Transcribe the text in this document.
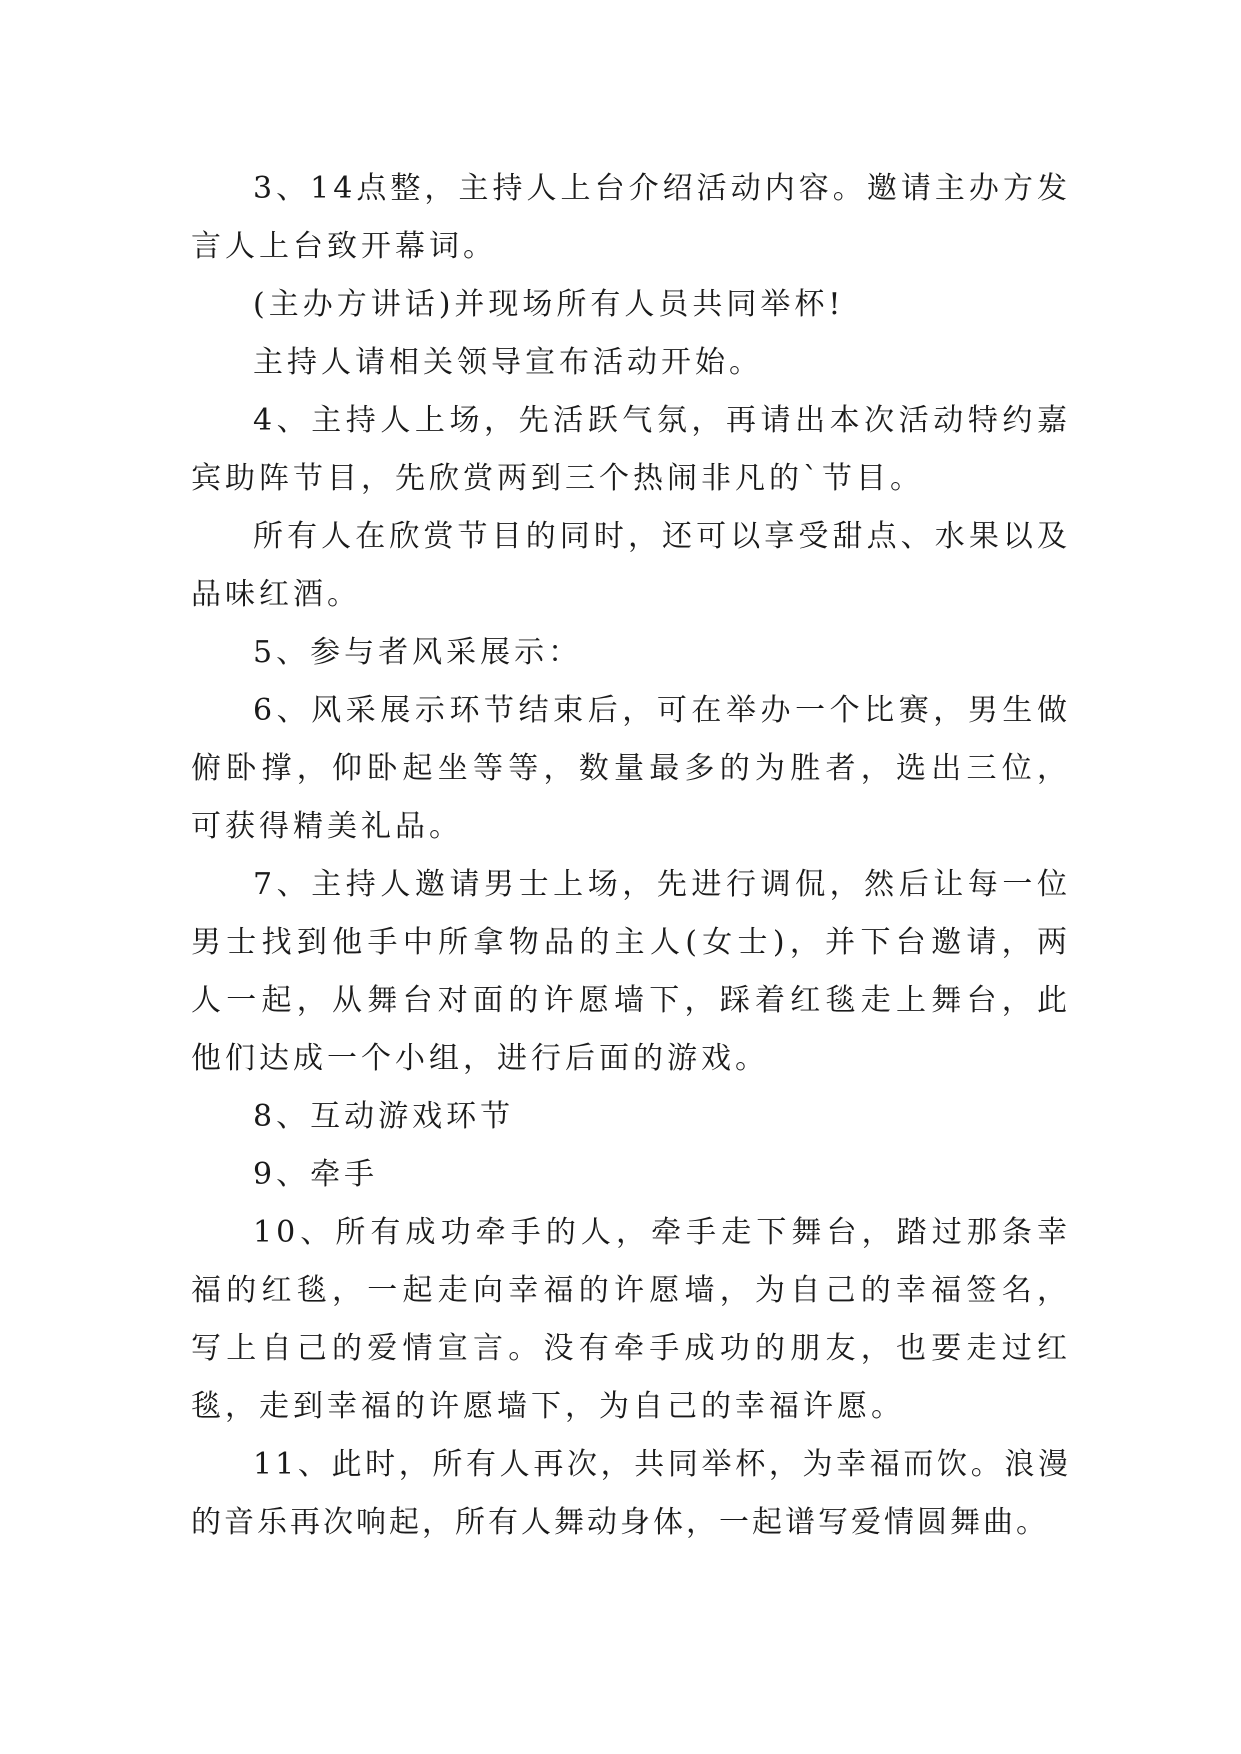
3、14点整，主持人上台介绍活动内容。邀请主办方发言人上台致开幕词。

(主办方讲话)并现场所有人员共同举杯!

主持人请相关领导宣布活动开始。

4、主持人上场，先活跃气氛，再请出本次活动特约嘉宾助阵节目，先欣赏两到三个热闹非凡的`节目。

所有人在欣赏节目的同时，还可以享受甜点、水果以及品味红酒。

5、参与者风采展示：

6、风采展示环节结束后，可在举办一个比赛，男生做俯卧撑，仰卧起坐等等，数量最多的为胜者，选出三位，可获得精美礼品。

7、主持人邀请男士上场，先进行调侃，然后让每一位男士找到他手中所拿物品的主人(女士)，并下台邀请，两人一起，从舞台对面的许愿墙下，踩着红毯走上舞台，此他们达成一个小组，进行后面的游戏。

8、互动游戏环节

9、牵手

10、所有成功牵手的人，牵手走下舞台，踏过那条幸福的红毯，一起走向幸福的许愿墙，为自己的幸福签名，写上自己的爱情宣言。没有牵手成功的朋友，也要走过红毯，走到幸福的许愿墙下，为自己的幸福许愿。

11、此时，所有人再次，共同举杯，为幸福而饮。浪漫的音乐再次响起，所有人舞动身体，一起谱写爱情圆舞曲。
